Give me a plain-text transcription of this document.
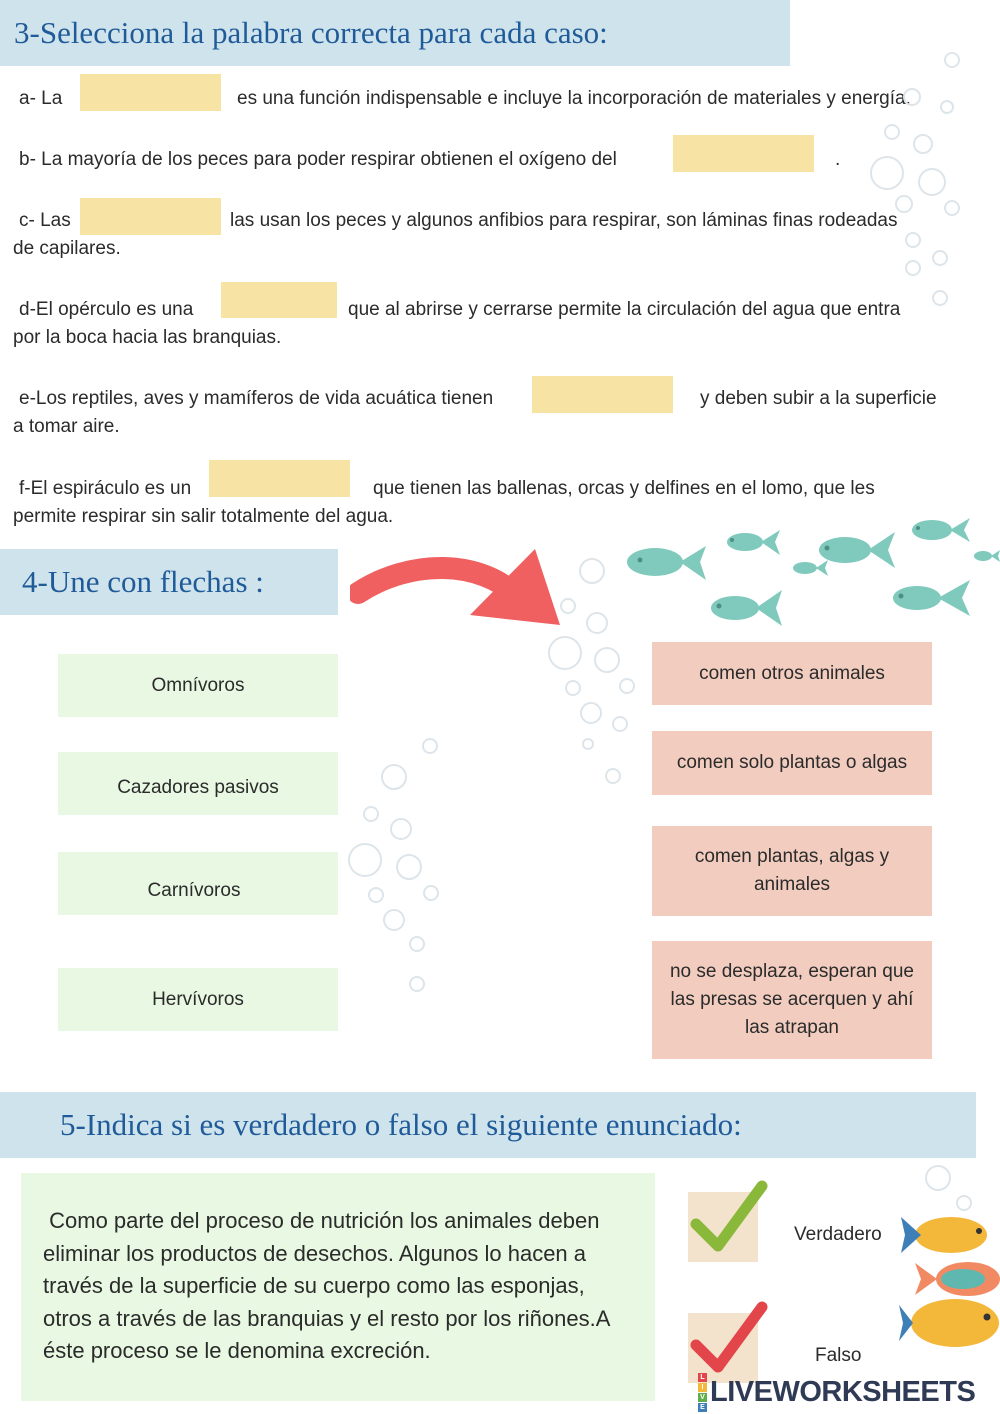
3-Selecciona la palabra correcta para cada caso:
a- La	es una función indispensable e incluye la incorporación de materiales y energía.
b- La mayoría de los peces para poder respirar obtienen el oxígeno del	.
c- Las	las usan los peces y algunos anfibios para respirar, son láminas finas rodeadas
de capilares.
d-El opérculo es una	que al abrirse y cerrarse permite la circulación del agua que entra
por la boca hacia las branquias.
e-Los reptiles, aves y mamíferos de vida acuática tienen	y deben subir a la superficie
a tomar aire.
f-El espiráculo es un	que tienen las ballenas, orcas y delfines en el lomo, que les
permite respirar sin salir totalmente del agua.
4-Une con flechas :
Omnívoros
Cazadores pasivos
Carnívoros
Hervívoros
comen otros animales
comen solo plantas o algas
comen plantas, algas y animales
no se desplaza, esperan que las presas se acerquen y ahí las atrapan
5-Indica si es verdadero o falso el siguiente enunciado:
Como parte del proceso de nutrición los animales deben eliminar los productos de desechos. Algunos lo hacen a través de la superficie de su cuerpo como las esponjas, otros a través de las branquias y el resto por los riñones.A éste proceso se le denomina excreción.
Verdadero
Falso
L
I
V
E LIVEWORKSHEETS
